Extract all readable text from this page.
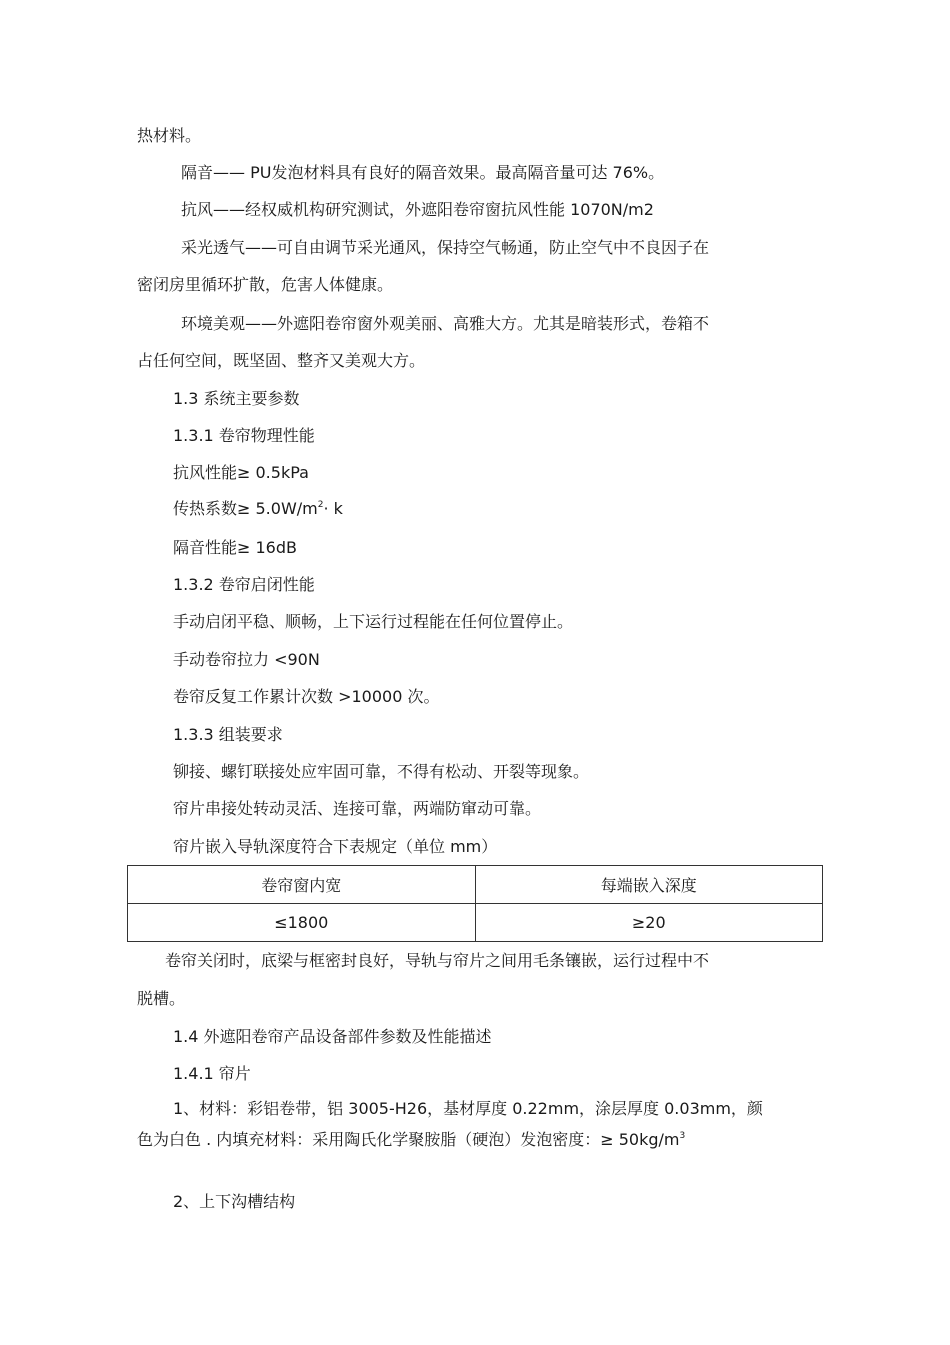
热材料。
隔音—— PU发泡材料具有良好的隔音效果。最高隔音量可达 76%。
抗风——经权威机构研究测试，外遮阳卷帘窗抗风性能 1070N/m2
采光透气——可自由调节采光通风，保持空气畅通，防止空气中不良因子在
密闭房里循环扩散，危害人体健康。
环境美观——外遮阳卷帘窗外观美丽、高雅大方。尤其是暗装形式，卷箱不
占任何空间，既坚固、整齐又美观大方。
1.3 系统主要参数
1.3.1 卷帘物理性能
抗风性能≥ 0.5kPa
传热系数≥ $5.0W/m^2\cdot k$
隔音性能≥ 16dB
1.3.2 卷帘启闭性能
手动启闭平稳、顺畅，上下运行过程能在任何位置停止。
手动卷帘拉力 <90N
卷帘反复工作累计次数 >10000 次。
1.3.3 组装要求
铆接、螺钉联接处应牢固可靠，不得有松动、开裂等现象。
帘片串接处转动灵活、连接可靠，两端防窜动可靠。
帘片嵌入导轨深度符合下表规定（单位 mm）
卷帘窗内宽	每端嵌入深度
≤1800	≥20
卷帘关闭时，底梁与框密封良好，导轨与帘片之间用毛条镶嵌，运行过程中不
脱槽。
1.4 外遮阳卷帘产品设备部件参数及性能描述
1.4.1 帘片
1、材料：彩铝卷带，铝 3005-H26，基材厚度 0.22mm，涂层厚度 0.03mm，颜
色为白色 . 内填充材料：采用陶氏化学聚胺脂（硬泡）发泡密度：≥ $50kg/m^3$
2、上下沟槽结构
